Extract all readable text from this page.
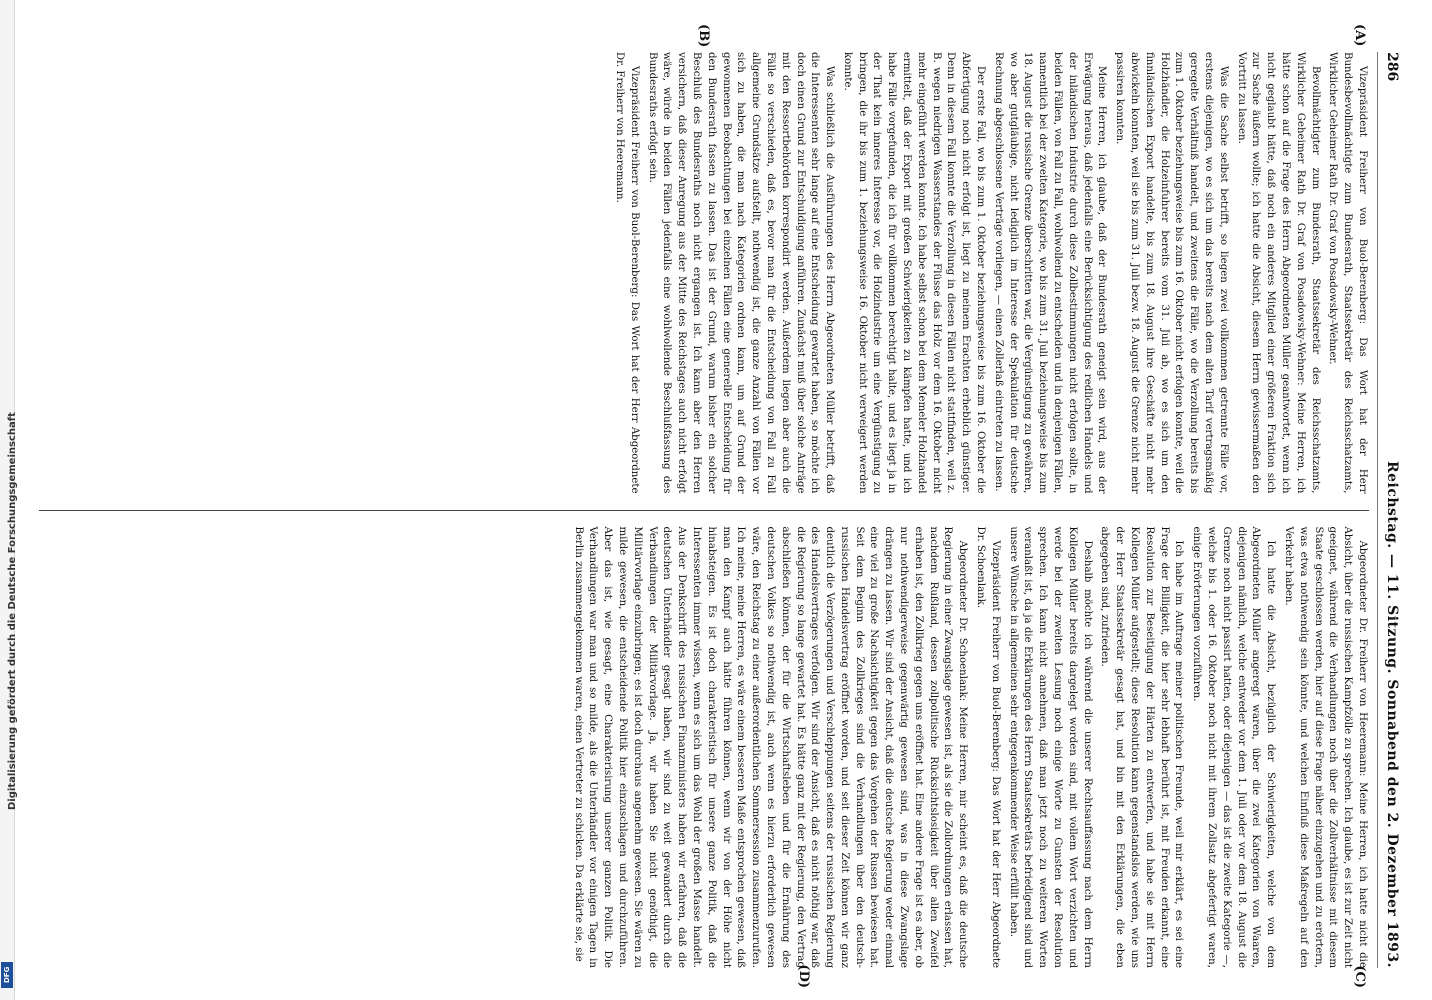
286
Reichstag. — 11. Sitzung. Sonnabend den 2. Dezember 1893.
(A)
(B)
(C)
(D)

Vizepräsident Freiherr von Buol-Berenberg: Das Wort hat der Herr Bundesbevollmächtigte zum Bundesrath, Staatssekretär des Reichsschatzamts, Wirklicher Geheimer Rath Dr. Graf von Posadowsky-Wehner.

Bevollmächtigter zum Bundesrath, Staatssekretär des Reichsschatzamts, Wirklicher Geheimer Rath Dr. Graf von Posadowsky-Wehner: Meine Herren, ich hätte schon auf die Frage des Herrn Abgeordneten Müller geantwortet, wenn ich nicht geglaubt hätte, daß noch ein anderes Mitglied einer größeren Fraktion sich zur Sache äußern wollte; ich hatte die Absicht, diesem Herrn gewissermaßen den Vortritt zu lassen.

Was die Sache selbst betrifft, so liegen zwei vollkommen getrennte Fälle vor, erstens diejenigen, wo es sich um das bereits nach dem alten Tarif vertragsmäßig geregelte Verhältniß handelt, und zweitens die Fälle, wo die Verzollung bereits bis zum 1. Oktober beziehungsweise bis zum 16. Oktober nicht erfolgen konnte, weil die Holzhändler, die Holzeinfuhrer bereits vom 31. Juli ab, wo es sich um den finnländischen Export handelte, bis zum 18. August ihre Geschäfte nicht mehr abwickeln konnten, weil sie bis zum 31. Juli bezw. 18. August die Grenze nicht mehr passiren konnten.

Meine Herren, ich glaube, daß der Bundesrath geneigt sein wird, aus der Erwägung heraus, daß jedenfalls eine Berücksichtigung des redlichen Handels und der inländischen Industrie durch diese Zollbestimmungen nicht erfolgen sollte, in beiden Fällen, von Fall zu Fall, wohlwollend zu entscheiden und in denjenigen Fällen, namentlich bei der zweiten Kategorie, wo bis zum 31. Juli beziehungsweise bis zum 18. August die russische Grenze überschritten war, die Vergünstigung zu gewähren, wo aber gutgläubige, nicht lediglich im Interesse der Spekulation für deutsche Rechnung abgeschlossene Verträge vorliegen, — einen Zollerlaß eintreten zu lassen.

Der erste Fall, wo bis zum 1. Oktober beziehungsweise bis zum 16. Oktober die Abfertigung noch nicht erfolgt ist, liegt zu meinem Erachten erheblich günstiger. Denn in diesem Fall konnte die Verzollung in diesen Fällen nicht stattfinden, weil z. B. wegen niedrigen Wasserstandes der Flüsse das Holz vor dem 16. Oktober nicht mehr eingeführt werden konnte. Ich habe selbst schon bei dem Memeler Holzhandel ermittelt, daß der Export mit großen Schwierigkeiten zu kämpfen hatte, und ich habe Fälle vorgefunden, die ich für vollkommen berechtigt halte, und es liegt ja in der That kein inneres Interesse vor, die Holzindustrie um eine Vergünstigung zu bringen, die ihr bis zum 1. beziehungsweise 16. Oktober nicht verweigert werden konnte.

Was schließlich die Ausführungen des Herrn Abgeordneten Müller betrifft, daß die Interessenten sehr lange auf eine Entscheidung gewartet haben, so möchte ich doch einen Grund zur Entschuldigung anführen. Zunächst muß über solche Anträge mit den Ressortbehörden korrespondirt werden. Außerdem liegen aber auch die Fälle so verschieden, daß es, bevor man für die Entscheidung von Fall zu Fall allgemeine Grundsätze aufstellt, nothwendig ist, die ganze Anzahl von Fällen vor sich zu haben, die man nach Kategorien ordnen kann, um auf Grund der gewonnenen Beobachtungen bei einzelnen Fällen eine generelle Entscheidung für den Bundesrath fassen zu lassen. Das ist der Grund, warum bisher ein solcher Beschluß des Bundesraths noch nicht ergangen ist. Ich kann aber den Herren versichern, daß dieser Anregung aus der Mitte des Reichstages auch nicht erfolgt wäre, würde in beiden Fällen jedenfalls eine wohlwollende Beschlußfassung des Bundesraths erfolgt sein.

Vizepräsident Freiherr von Buol-Berenberg: Das Wort hat der Herr Abgeordnete Dr. Freiherr von Heeremann.

Abgeordneter Dr. Freiherr von Heeremann: Meine Herren, ich hatte nicht die Absicht, über die russischen Kampfzölle zu sprechen. Ich glaube, es ist zur Zeit nicht geeignet, während die Verhandlungen noch über die Zollverhältnisse mit diesem Staate geschlossen werden, hier auf diese Frage näher einzugehen und zu erörtern, was etwa nothwendig sein könnte, und welchen Einfluß diese Maßregeln auf den Verkehr haben.

Ich hatte die Absicht, bezüglich der Schwierigkeiten, welche von dem Abgeordneten Müller angeregt waren, über die zwei Kategorien von Waaren, diejenigen nämlich, welche entweder vor dem 1. Juli oder vor dem 18. August die Grenze noch nicht passirt hatten, oder diejenigen — das ist die zweite Kategorie —, welche bis 1. oder 16. Oktober noch nicht mit ihrem Zollsatz abgefertigt waren, einige Erörterungen vorzuführen.

Ich habe im Auftrage meiner politischen Freunde, weil mir erklärt, es sei eine Frage der Billigkeit, die hier sehr lebhaft berührt ist, mit Freuden erkannt, eine Resolution zur Beseitigung der Härten zu entwerfen, und habe sie mit Herrn Kollegen Müller aufgestellt; diese Resolution kann gegenstandslos werden, wie uns der Herr Staatssekretär gesagt hat, und bin mit den Erklärungen, die eben abgegeben sind, zufrieden.

Deshalb möchte ich während die unserer Rechtsauffassung nach dem Herrn Kollegen Müller bereits dargelegt worden sind, mit vollem Wort verzichten und werde bei der zweiten Lesung noch einige Worte zu Gunsten der Resolution sprechen. Ich kann nicht annehmen, daß man jetzt noch zu weiteren Worten veranlaßt ist, da ja die Erklärungen des Herrn Staatssekretärs befriedigend sind und unsere Wünsche in allgemeinen sehr entgegenkommender Weise erfüllt haben.

Vizepräsident Freiherr von Buol-Berenberg: Das Wort hat der Herr Abgeordnete Dr. Schoenlank.

Abgeordneter Dr. Schoenlank: Meine Herren, mir scheint es, daß die deutsche Regierung in einer Zwangslage gewesen ist, als sie die Zollordnungen erlassen hat, nachdem Rußland, dessen zollpolitische Rücksichtslosigkeit über allen Zweifel erhaben ist, den Zollkrieg gegen uns eröffnet hat. Eine andere Frage ist es aber, ob nur nothwendigerweise gegenwärtig gewesen sind, was in diese Zwangslage drängen zu lassen. Wir sind der Ansicht, daß die deutsche Regierung weder einmal eine viel zu große Nachsichtigkeit gegen das Vorgehen der Russen bewiesen hat. Seit dem Beginn des Zollkrieges sind die Verhandlungen über den deutsch-russischen Handelsvertrag eröffnet worden, und seit dieser Zeit können wir ganz deutlich die Verzögerungen und Verschleppungen seitens der russischen Regierung des Handelsvertrages verfolgen. Wir sind der Ansicht, daß es nicht nöthig war, daß die Regierung so lange gewartet hat. Es hätte ganz mit der Regierung, den Vertrag abschließen können, der für die Wirtschaftsleben und für die Ernährung des deutschen Volkes so nothwendig ist, auch wenn es hierzu erforderlich gewesen wäre, den Reichstag zu einer außerordentlichen Sommersession zusammenzurufen. Ich meine, meine Herren, es wäre einem besseren Maße entsprochen gewesen, daß man den Kampf auch hätte führen können, wenn wir von der Höhe nicht hinabsteigen. Es ist doch charakteristisch für unsere ganze Politik, daß die Interessenten immer wissen, wenn es sich um das Wohl der großen Masse handelt. Aus der Denkschrift des russischen Finanzministers haben wir erfahren, daß die deutschen Unterhändler gesagt haben, wir sind zu weit gewandert durch die Verbandlungen der Militärvorlage. Ja, wir haben Sie nicht genöthigt, die Militärvorlage einzubringen; es ist doch durchaus angenehm gewesen. Sie wären zu milde gewesen, die entscheidende Politik hier einzuschlagen und durchzuführen. Aber das ist, wie gesagt, eine Charakterisirung unserer ganzen Politik. Die Verhandlungen war man und so milde, als die Unterhändler vor einigen Tagen in Berlin zusammengekommen waren, einen Vertreter zu schicken. Da erklärte sie, sie

Digitalisierung gefördert durch die Deutsche Forschungsgemeinschaft
DFG
